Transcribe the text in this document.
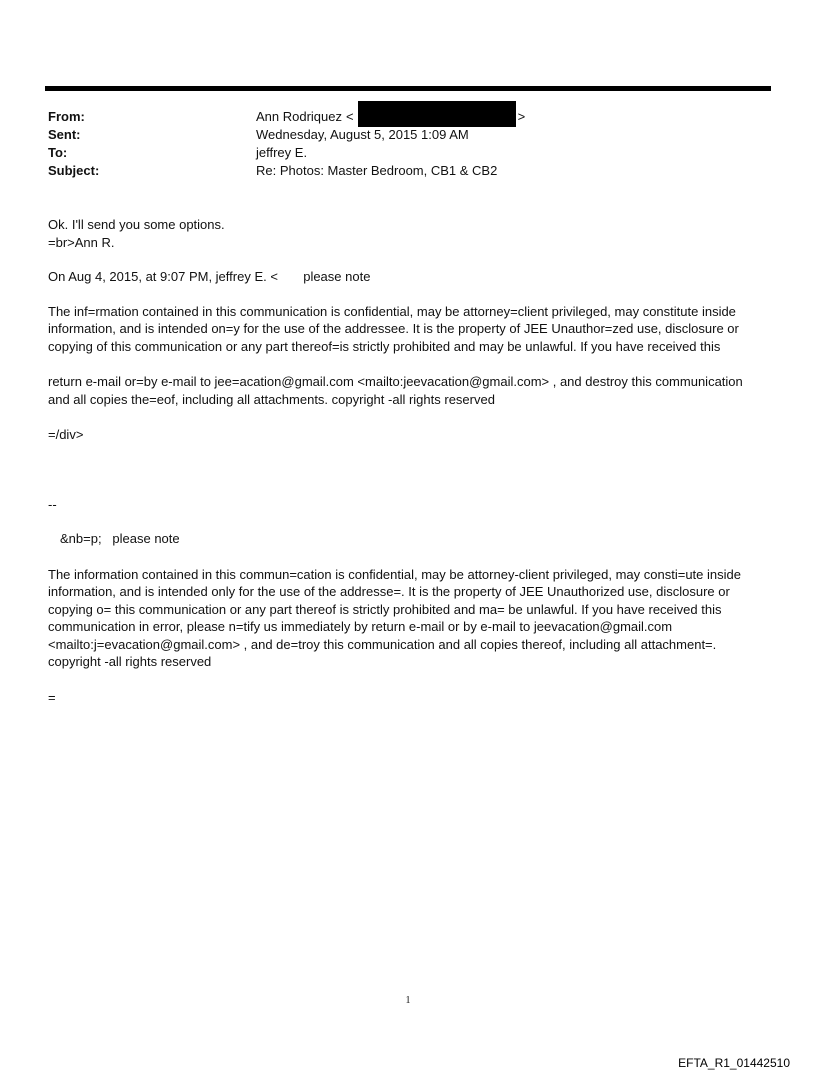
From:	Ann Rodriquez <	>
Sent:	Wednesday, August 5, 2015 1:09 AM
To:	jeffrey E.
Subject:	Re: Photos: Master Bedroom, CB1 & CB2

Ok. I'll send you some options.

=br>Ann R.

On Aug 4, 2015, at 9:07 PM, jeffrey E. <       please note

The inf=rmation contained in this communication is confidential, may be attorney=client privileged, may constitute inside information, and is intended on=y for the use of the addressee. It is the property of JEE Unauthor=zed use, disclosure or copying of this communication or any part thereof=is strictly prohibited and may be unlawful. If you have received this

return e-mail or=by e-mail to jee=acation@gmail.com <mailto:jeevacation@gmail.com> , and destroy this communication and all copies the=eof, including all attachments. copyright -all rights reserved

=/div>

--

&nb=p;   please note

The information contained in this commun=cation is confidential, may be attorney-client privileged, may consti=ute inside information, and is intended only for the use of the addresse=. It is the property of JEE Unauthorized use, disclosure or copying o= this communication or any part thereof is strictly prohibited and ma= be unlawful. If you have received this communication in error, please n=tify us immediately by return e-mail or by e-mail to jeevacation@gmail.com <mailto:j=evacation@gmail.com> , and de=troy this communication and all copies thereof, including all attachment=. copyright -all rights reserved

=

1
EFTA_R1_01442510
